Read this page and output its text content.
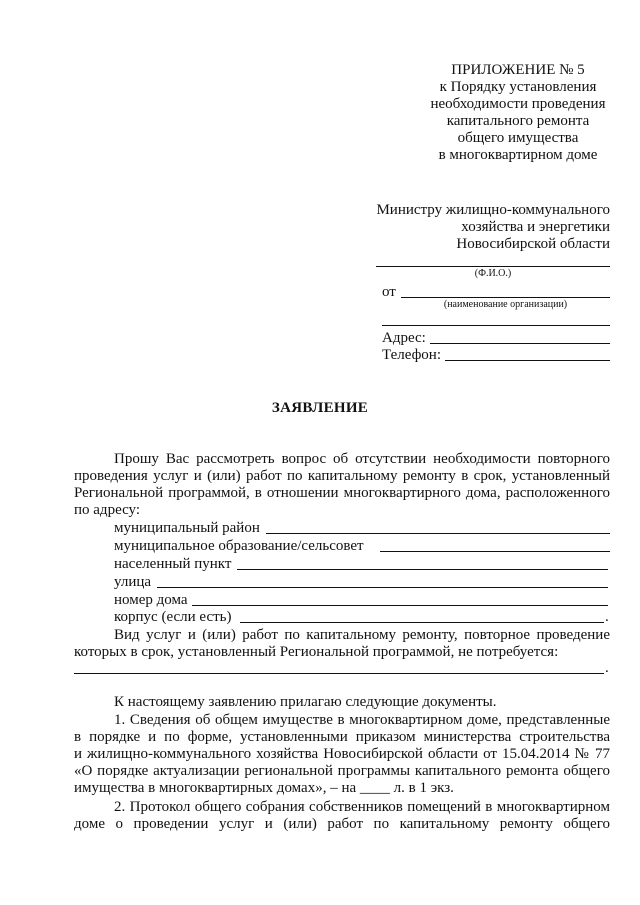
ПРИЛОЖЕНИЕ № 5
к Порядку установления
необходимости проведения
капитального ремонта
общего имущества
в многоквартирном доме
Министру жилищно-коммунального
хозяйства и энергетики
Новосибирской области
(Ф.И.О.)
от
(наименование организации)
Адрес:
Телефон:
ЗАЯВЛЕНИЕ
Прошу Вас рассмотреть вопрос об отсутствии необходимости повторного
проведения услуг и (или) работ по капитальному ремонту в срок, установленный
Региональной программой, в отношении многоквартирного дома, расположенного
по адресу:
муниципальный район
муниципальное образование/сельсовет
населенный пункт
улица
номер дома
корпус (если есть)	.
Вид услуг и (или) работ по капитальному ремонту, повторное проведение
которых в срок, установленный Региональной программой, не потребуется:
.
К настоящему заявлению прилагаю следующие документы.
1. Сведения об общем имуществе в многоквартирном доме, представленные
в порядке и по форме, установленными приказом министерства строительства
и жилищно-коммунального хозяйства Новосибирской области от 15.04.2014 № 77
«О порядке актуализации региональной программы капитального ремонта общего
имущества в многоквартирных домах», – на ____ л. в 1 экз.
2. Протокол общего собрания собственников помещений в многоквартирном
доме о проведении услуг и (или) работ по капитальному ремонту общего
